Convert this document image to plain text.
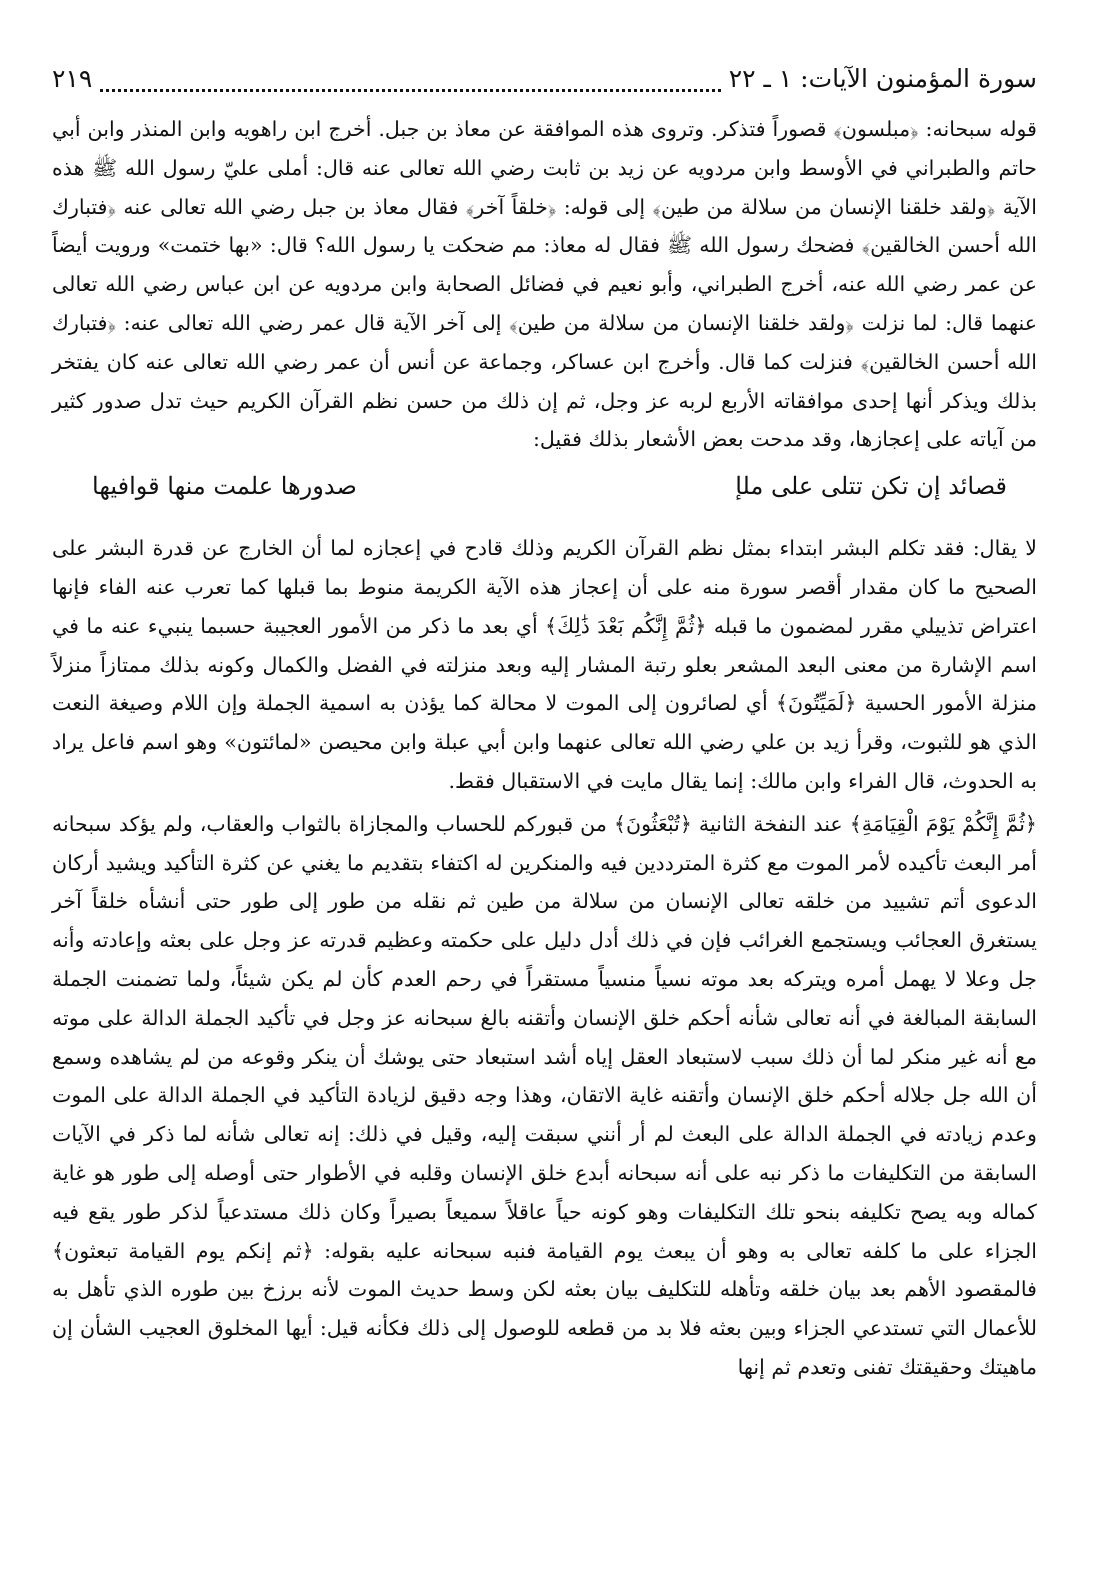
سورة المؤمنون الآيات: ١ ـ ٢٢
٢١٩

قوله سبحانه: ﴿مبلسون﴾ قصوراً فتذكر. وتروى هذه الموافقة عن معاذ بن جبل. أخرج ابن راهويه وابن المنذر وابن أبي حاتم والطبراني في الأوسط وابن مردويه عن زيد بن ثابت رضي الله تعالى عنه قال: أملى عليّ رسول الله ﷺ هذه الآية ﴿ولقد خلقنا الإنسان من سلالة من طين﴾ إلى قوله: ﴿خلقاً آخر﴾ فقال معاذ بن جبل رضي الله تعالى عنه ﴿فتبارك الله أحسن الخالقين﴾ فضحك رسول الله ﷺ فقال له معاذ: مم ضحكت يا رسول الله؟ قال: «بها ختمت» ورويت أيضاً عن عمر رضي الله عنه، أخرج الطبراني، وأبو نعيم في فضائل الصحابة وابن مردويه عن ابن عباس رضي الله تعالى عنهما قال: لما نزلت ﴿ولقد خلقنا الإنسان من سلالة من طين﴾ إلى آخر الآية قال عمر رضي الله تعالى عنه: ﴿فتبارك الله أحسن الخالقين﴾ فنزلت كما قال. وأخرج ابن عساكر، وجماعة عن أنس أن عمر رضي الله تعالى عنه كان يفتخر بذلك ويذكر أنها إحدى موافقاته الأربع لربه عز وجل، ثم إن ذلك من حسن نظم القرآن الكريم حيث تدل صدور كثير من آياته على إعجازها، وقد مدحت بعض الأشعار بذلك فقيل:

قصائد إن تكن تتلى على ملإ
صدورها علمت منها قوافيها

لا يقال: فقد تكلم البشر ابتداء بمثل نظم القرآن الكريم وذلك قادح في إعجازه لما أن الخارج عن قدرة البشر على الصحيح ما كان مقدار أقصر سورة منه على أن إعجاز هذه الآية الكريمة منوط بما قبلها كما تعرب عنه الفاء فإنها اعتراض تذييلي مقرر لمضمون ما قبله ﴿ثُمَّ إِنَّكُم بَعْدَ ذَٰلِكَ﴾ أي بعد ما ذكر من الأمور العجيبة حسبما ينبيء عنه ما في اسم الإشارة من معنى البعد المشعر بعلو رتبة المشار إليه وبعد منزلته في الفضل والكمال وكونه بذلك ممتازاً منزلاً منزلة الأمور الحسية ﴿لَمَيِّتُونَ﴾ أي لصائرون إلى الموت لا محالة كما يؤذن به اسمية الجملة وإن اللام وصيغة النعت الذي هو للثبوت، وقرأ زيد بن علي رضي الله تعالى عنهما وابن أبي عبلة وابن محيصن «لمائتون» وهو اسم فاعل يراد به الحدوث، قال الفراء وابن مالك: إنما يقال مايت في الاستقبال فقط.

﴿ثُمَّ إِنَّكُمْ يَوْمَ الْقِيَامَةِ﴾ عند النفخة الثانية ﴿تُبْعَثُونَ﴾ من قبوركم للحساب والمجازاة بالثواب والعقاب، ولم يؤكد سبحانه أمر البعث تأكيده لأمر الموت مع كثرة المترددين فيه والمنكرين له اكتفاء بتقديم ما يغني عن كثرة التأكيد ويشيد أركان الدعوى أتم تشييد من خلقه تعالى الإنسان من سلالة من طين ثم نقله من طور إلى طور حتى أنشأه خلقاً آخر يستغرق العجائب ويستجمع الغرائب فإن في ذلك أدل دليل على حكمته وعظيم قدرته عز وجل على بعثه وإعادته وأنه جل وعلا لا يهمل أمره ويتركه بعد موته نسياً منسياً مستقراً في رحم العدم كأن لم يكن شيئاً، ولما تضمنت الجملة السابقة المبالغة في أنه تعالى شأنه أحكم خلق الإنسان وأتقنه بالغ سبحانه عز وجل في تأكيد الجملة الدالة على موته مع أنه غير منكر لما أن ذلك سبب لاستبعاد العقل إياه أشد استبعاد حتى يوشك أن ينكر وقوعه من لم يشاهده وسمع أن الله جل جلاله أحكم خلق الإنسان وأتقنه غاية الاتقان، وهذا وجه دقيق لزيادة التأكيد في الجملة الدالة على الموت وعدم زيادته في الجملة الدالة على البعث لم أر أنني سبقت إليه، وقيل في ذلك: إنه تعالى شأنه لما ذكر في الآيات السابقة من التكليفات ما ذكر نبه على أنه سبحانه أبدع خلق الإنسان وقلبه في الأطوار حتى أوصله إلى طور هو غاية كماله وبه يصح تكليفه بنحو تلك التكليفات وهو كونه حياً عاقلاً سميعاً بصيراً وكان ذلك مستدعياً لذكر طور يقع فيه الجزاء على ما كلفه تعالى به وهو أن يبعث يوم القيامة فنبه سبحانه عليه بقوله: ﴿ثم إنكم يوم القيامة تبعثون﴾ فالمقصود الأهم بعد بيان خلقه وتأهله للتكليف بيان بعثه لكن وسط حديث الموت لأنه برزخ بين طوره الذي تأهل به للأعمال التي تستدعي الجزاء وبين بعثه فلا بد من قطعه للوصول إلى ذلك فكأنه قيل: أيها المخلوق العجيب الشأن إن ماهيتك وحقيقتك تفنى وتعدم ثم إنها
